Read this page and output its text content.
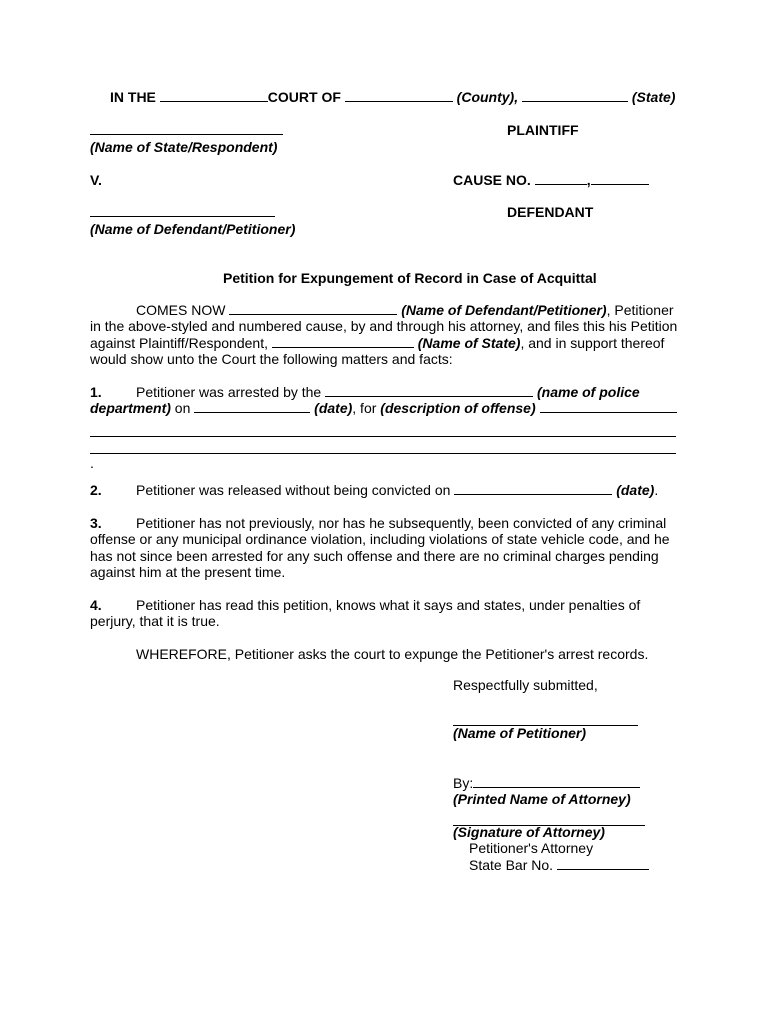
IN THE	COURT OF	(County),	(State)
PLAINTIFF
(Name of State/Respondent)
V.	CAUSE NO.	,
DEFENDANT
(Name of Defendant/Petitioner)
Petition for Expungement of Record in Case of Acquittal
COMES NOW	(Name of Defendant/Petitioner), Petitioner
in the above-styled and numbered cause, by and through his attorney, and files this his Petition
against Plaintiff/Respondent,	(Name of State), and in support thereof
would show unto the Court the following matters and facts:
1. Petitioner was arrested by the	(name of police
department) on	(date), for (description of offense)
.
2. Petitioner was released without being convicted on	(date).
3. Petitioner has not previously, nor has he subsequently, been convicted of any criminal
offense or any municipal ordinance violation, including violations of state vehicle code, and he
has not since been arrested for any such offense and there are no criminal charges pending
against him at the present time.
4. Petitioner has read this petition, knows what it says and states, under penalties of
perjury, that it is true.
WHEREFORE, Petitioner asks the court to expunge the Petitioner's arrest records.
Respectfully submitted,
(Name of Petitioner)
By:
(Printed Name of Attorney)
(Signature of Attorney)
Petitioner's Attorney
State Bar No.
